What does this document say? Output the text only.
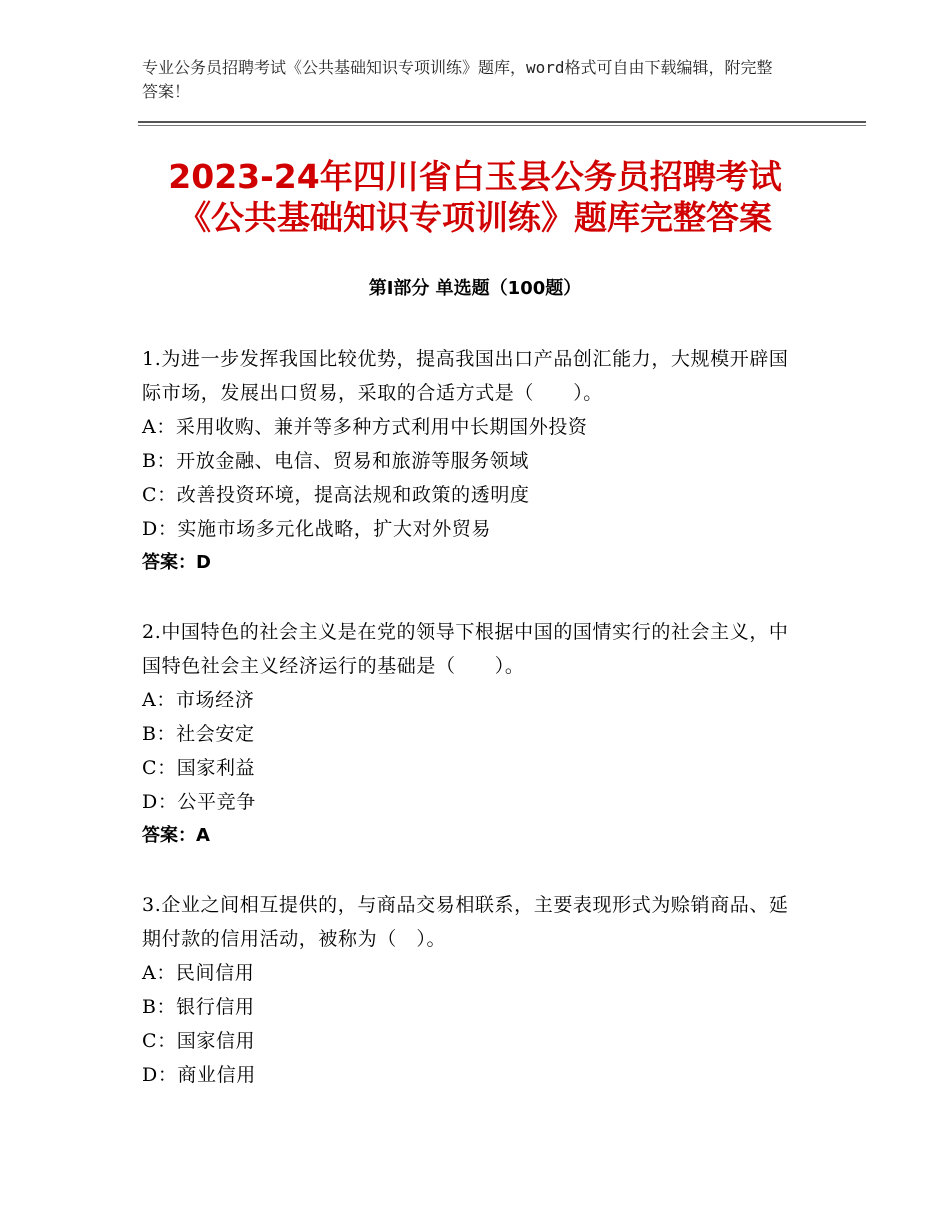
专业公务员招聘考试《公共基础知识专项训练》题库，word格式可自由下载编辑，附完整答案！
2023-24年四川省白玉县公务员招聘考试
《公共基础知识专项训练》题库完整答案
第Ⅰ部分 单选题（100题）
1.为进一步发挥我国比较优势，提高我国出口产品创汇能力，大规模开辟国际市场，发展出口贸易，采取的合适方式是（　　）。
A：采用收购、兼并等多种方式利用中长期国外投资
B：开放金融、电信、贸易和旅游等服务领域
C：改善投资环境，提高法规和政策的透明度
D：实施市场多元化战略，扩大对外贸易
答案：D
2.中国特色的社会主义是在党的领导下根据中国的国情实行的社会主义，中国特色社会主义经济运行的基础是（　　）。
A：市场经济
B：社会安定
C：国家利益
D：公平竞争
答案：A
3.企业之间相互提供的，与商品交易相联系，主要表现形式为赊销商品、延期付款的信用活动，被称为（　）。
A：民间信用
B：银行信用
C：国家信用
D：商业信用
